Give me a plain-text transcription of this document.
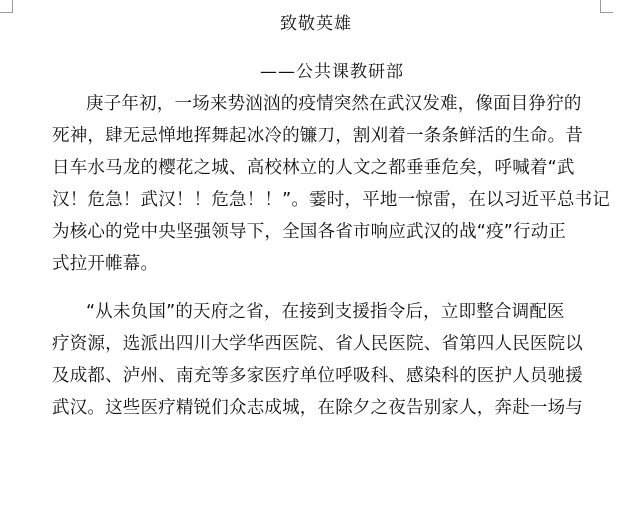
致敬英雄
——公共课教研部
庚子年初，一场来势汹汹的疫情突然在武汉发难，像面目狰狞的
死神，肆无忌惮地挥舞起冰冷的镰刀，割刈着一条条鲜活的生命。昔
日车水马龙的樱花之城、高校林立的人文之都垂垂危矣，呼喊着“武
汉！危急！武汉！！危急！！”。霎时，平地一惊雷，在以习近平总书记
为核心的党中央坚强领导下，全国各省市响应武汉的战“疫”行动正
式拉开帷幕。
“从未负国”的天府之省，在接到支援指令后，立即整合调配医
疗资源，选派出四川大学华西医院、省人民医院、省第四人民医院以
及成都、泸州、南充等多家医疗单位呼吸科、感染科的医护人员驰援
武汉。这些医疗精锐们众志成城，在除夕之夜告别家人，奔赴一场与
